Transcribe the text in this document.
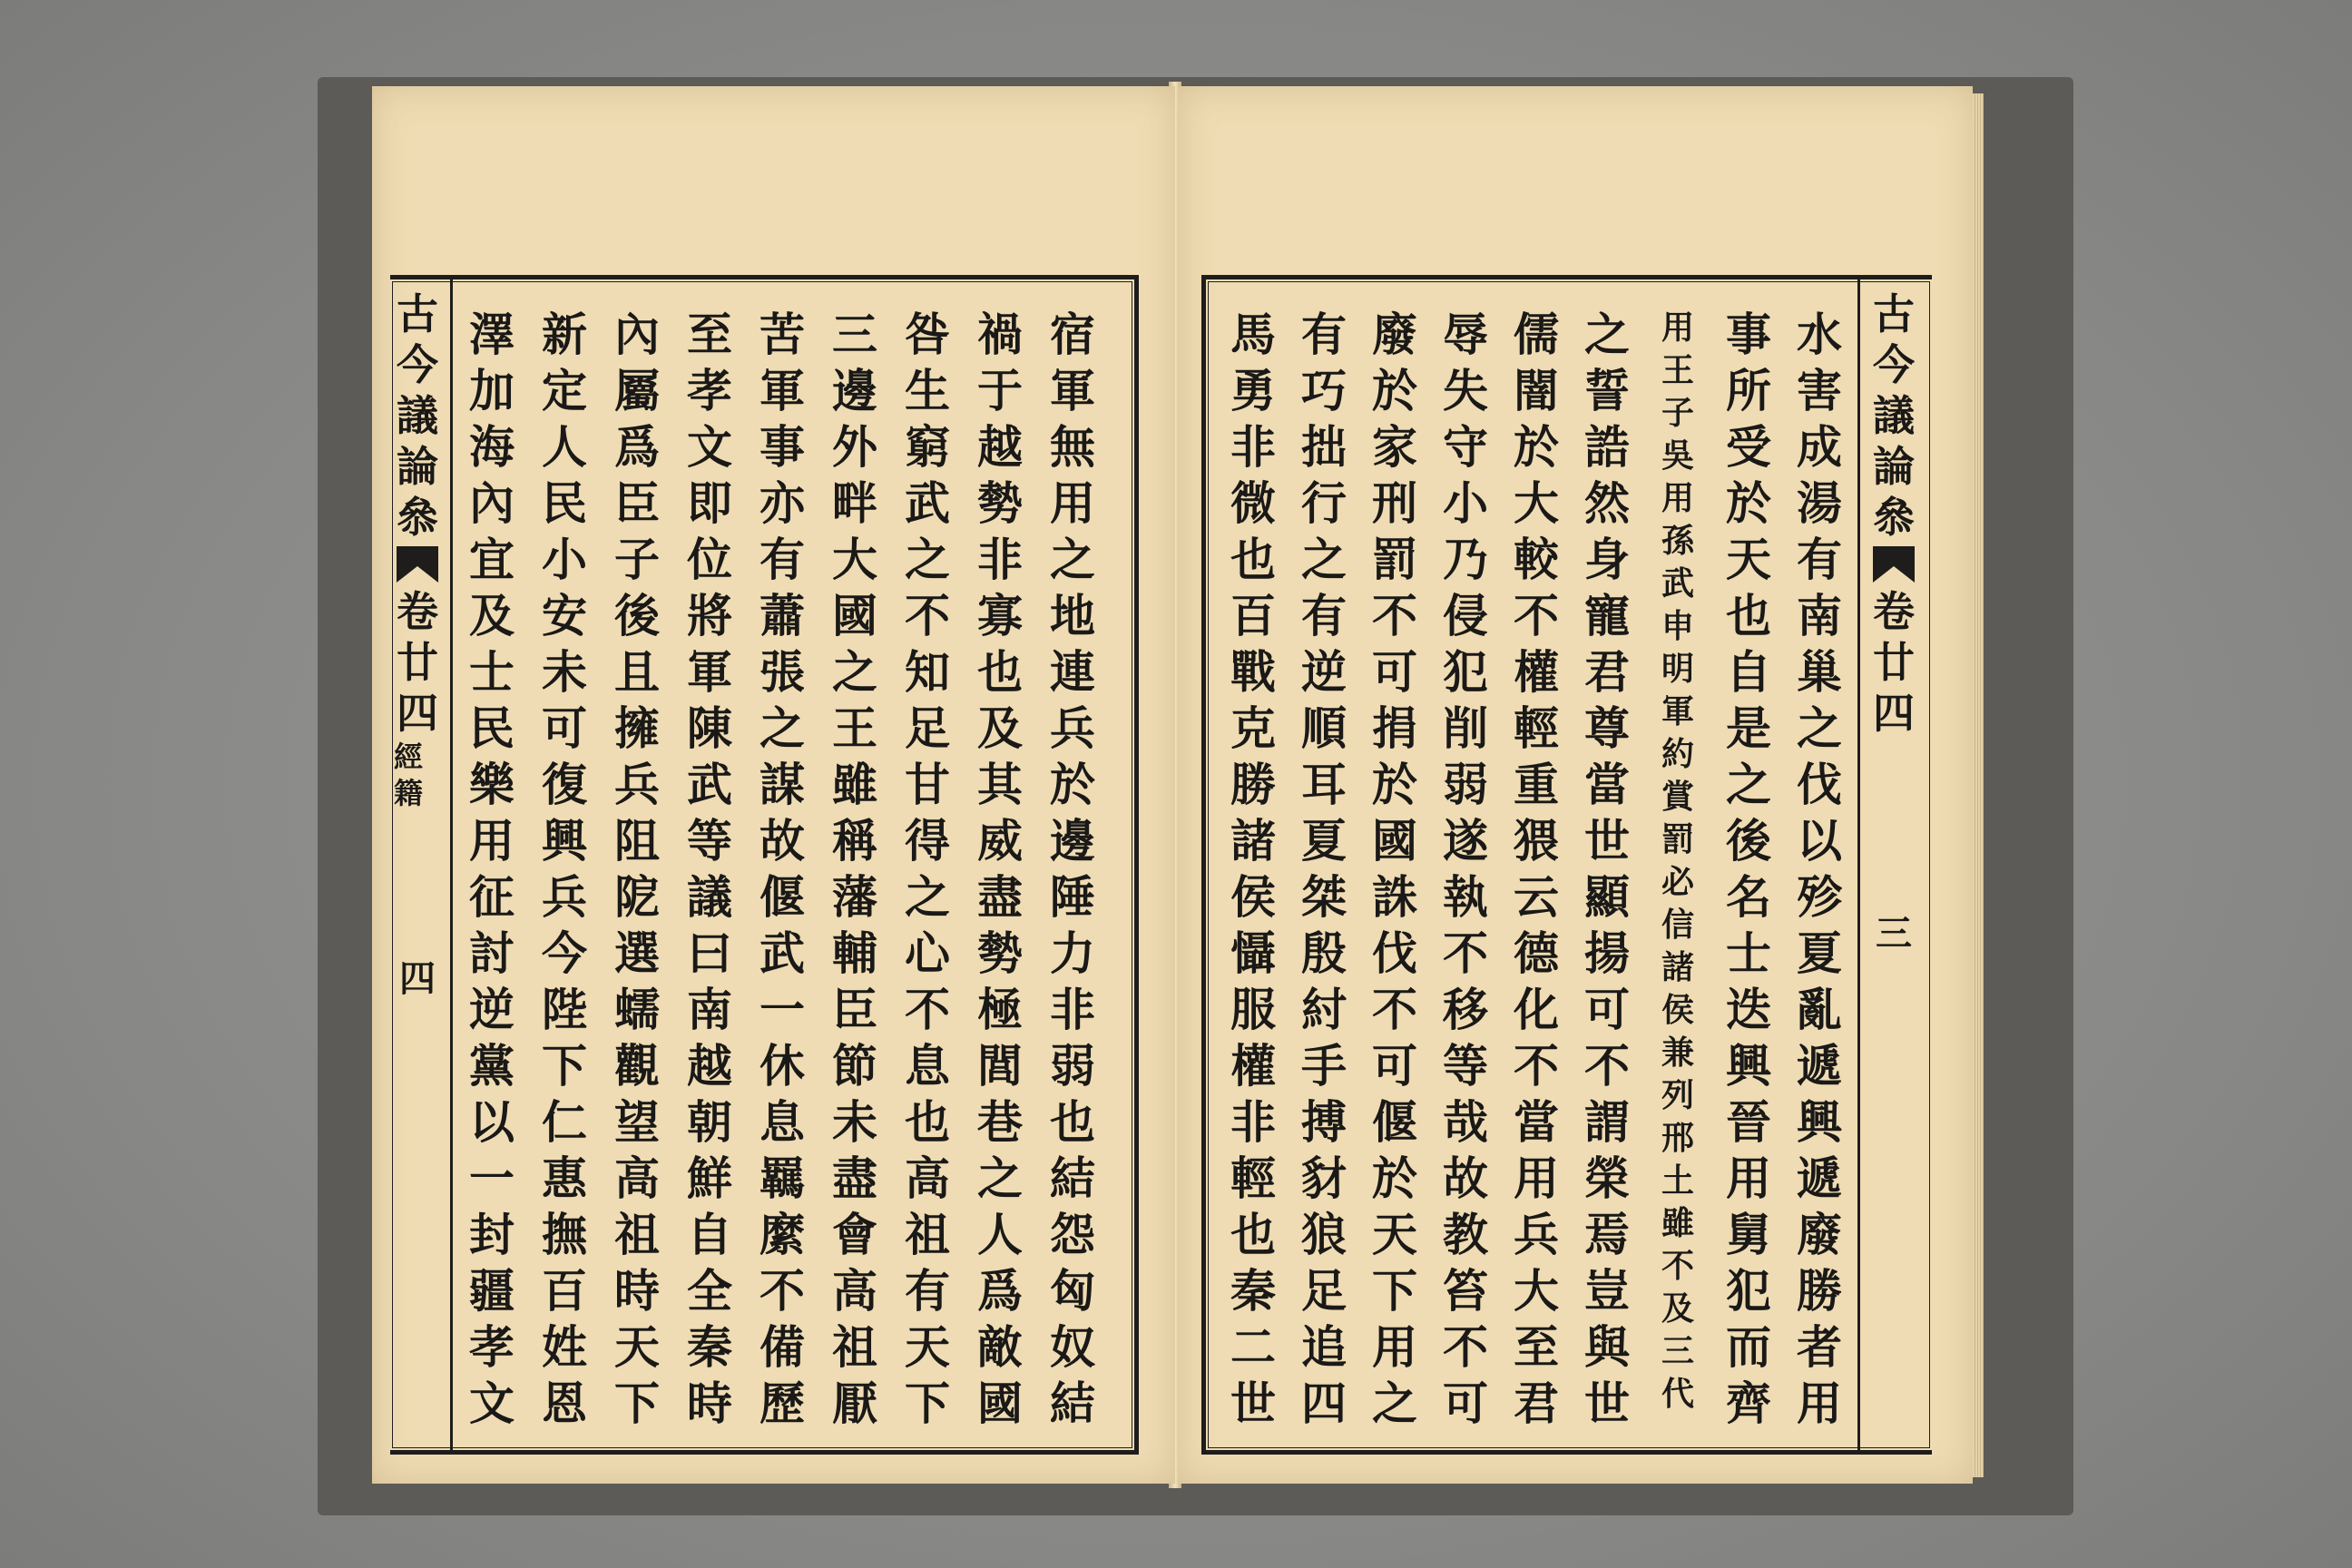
宿
軍
無
用
之
地
連
兵
於
邊
陲
力
非
弱
也
結
怨
匈
奴
結
禍
于
越
勢
非
寡
也
及
其
威
盡
勢
極
閭
巷
之
人
爲
敵
國
咎
生
窮
武
之
不
知
足
甘
得
之
心
不
息
也
高
祖
有
天
下
三
邊
外
畔
大
國
之
王
雖
稱
藩
輔
臣
節
未
盡
會
高
祖
厭
苦
軍
事
亦
有
蕭
張
之
謀
故
偃
武
一
休
息
羈
縻
不
備
歷
至
孝
文
即
位
將
軍
陳
武
等
議
曰
南
越
朝
鮮
自
全
秦
時
內
屬
爲
臣
子
後
且
擁
兵
阻
阸
選
蠕
觀
望
高
祖
時
天
下
新
定
人
民
小
安
未
可
復
興
兵
今
陛
下
仁
惠
撫
百
姓
恩
澤
加
海
內
宜
及
士
民
樂
用
征
討
逆
黨
以
一
封
疆
孝
文
古
今
議
論
叅
卷
廿
四
經籍
四
古
今
議
論
叅
卷
廿
四
三
水
害
成
湯
有
南
巢
之
伐
以
殄
夏
亂
遞
興
遞
廢
勝
者
用
事
所
受
於
天
也
自
是
之
後
名
士
迭
興
晉
用
舅
犯
而
齊
用
王
子
吳
用
孫
武
申
明
軍
約
賞
罰
必
信
諸
侯
兼
列
邢
土
雖
不
及
三
代
之
誓
誥
然
身
寵
君
尊
當
世
顯
揚
可
不
謂
榮
焉
豈
與
世
儒
闇
於
大
較
不
權
輕
重
猥
云
德
化
不
當
用
兵
大
至
君
辱
失
守
小
乃
侵
犯
削
弱
遂
執
不
移
等
哉
故
教
笞
不
可
廢
於
家
刑
罰
不
可
捐
於
國
誅
伐
不
可
偃
於
天
下
用
之
有
巧
拙
行
之
有
逆
順
耳
夏
桀
殷
紂
手
搏
豺
狼
足
追
四
馬
勇
非
微
也
百
戰
克
勝
諸
侯
懾
服
權
非
輕
也
秦
二
世
